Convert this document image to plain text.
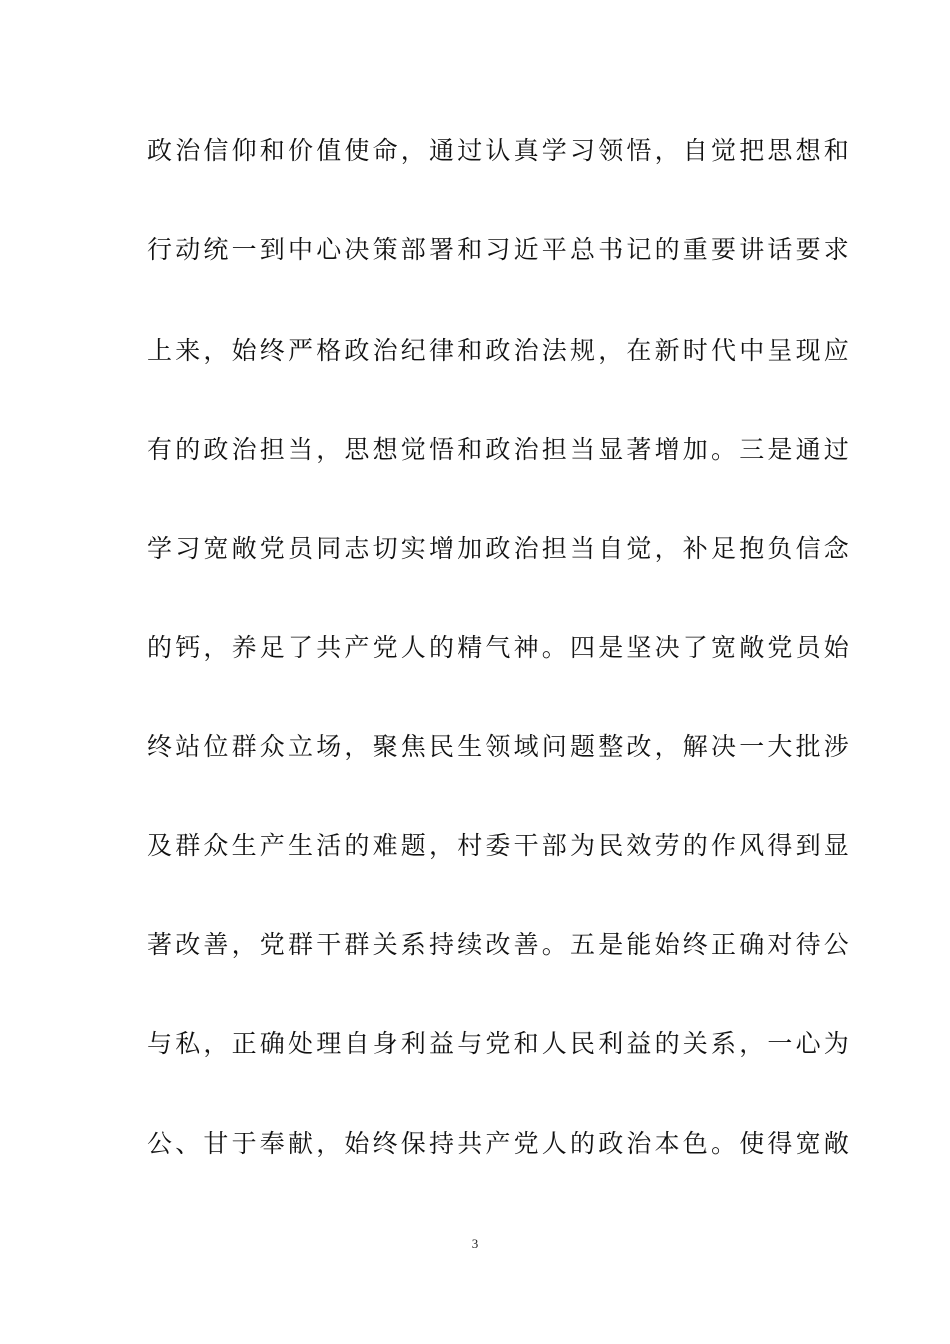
政治信仰和价值使命，通过认真学习领悟，自觉把思想和
行动统一到中心决策部署和习近平总书记的重要讲话要求
上来，始终严格政治纪律和政治法规，在新时代中呈现应
有的政治担当，思想觉悟和政治担当显著增加。三是通过
学习宽敞党员同志切实增加政治担当自觉，补足抱负信念
的钙，养足了共产党人的精气神。四是坚决了宽敞党员始
终站位群众立场，聚焦民生领域问题整改，解决一大批涉
及群众生产生活的难题，村委干部为民效劳的作风得到显
著改善，党群干群关系持续改善。五是能始终正确对待公
与私，正确处理自身利益与党和人民利益的关系，一心为
公、甘于奉献，始终保持共产党人的政治本色。使得宽敞
3
